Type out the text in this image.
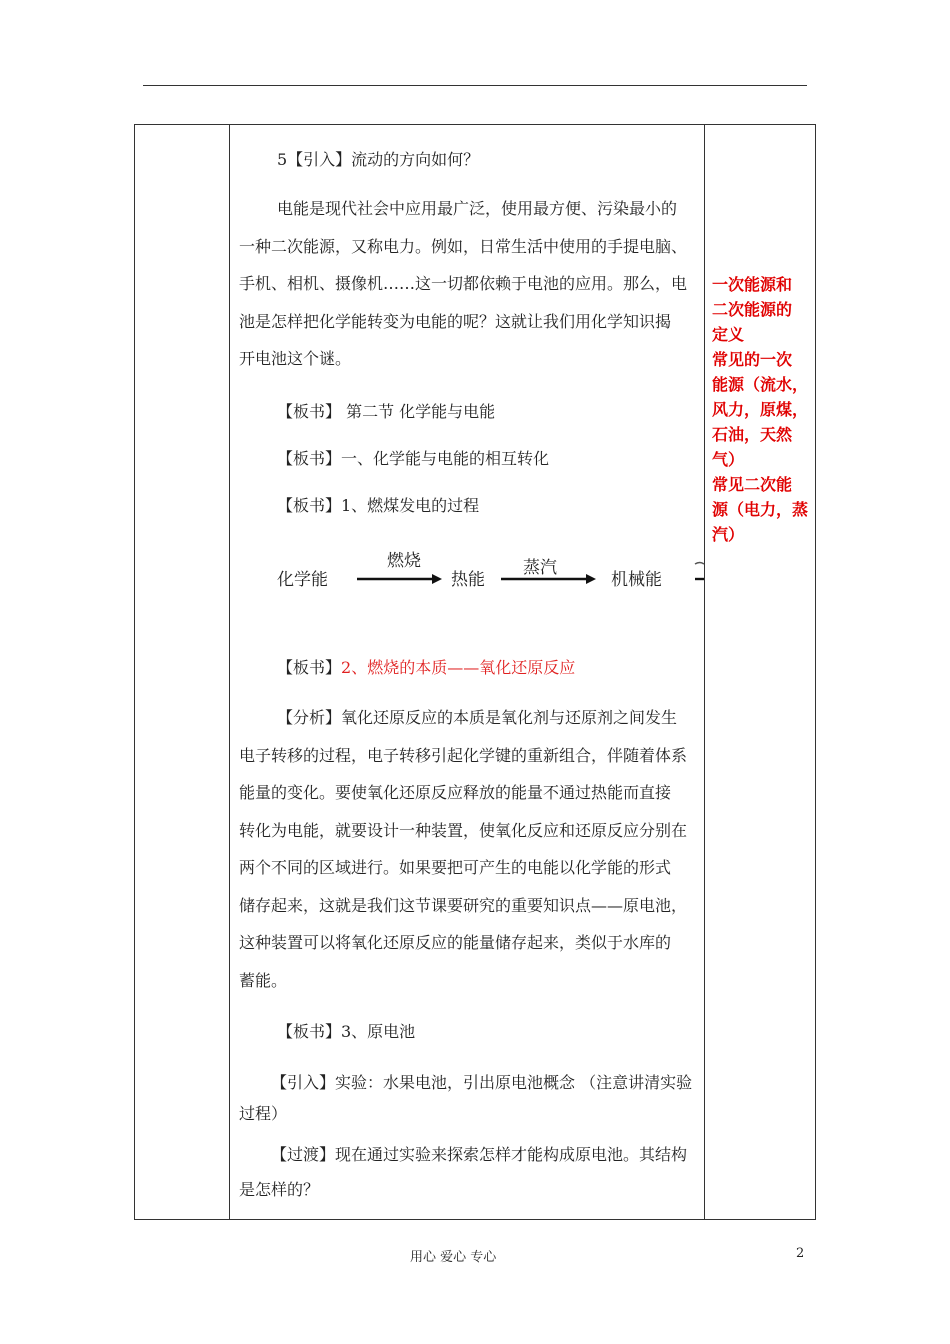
5【引入】流动的方向如何？
电能是现代社会中应用最广泛，使用最方便、污染最小的
一种二次能源，又称电力。例如，日常生活中使用的手提电脑、
手机、相机、摄像机……这一切都依赖于电池的应用。那么，电
池是怎样把化学能转变为电能的呢？这就让我们用化学知识揭
开电池这个谜。
【板书】 第二节 化学能与电能
【板书】一、化学能与电能的相互转化
【板书】1、燃煤发电的过程
化学能
燃烧
热能
蒸汽
机械能
【板书】2、燃烧的本质——氧化还原反应
【分析】氧化还原反应的本质是氧化剂与还原剂之间发生
电子转移的过程，电子转移引起化学键的重新组合，伴随着体系
能量的变化。要使氧化还原反应释放的能量不通过热能而直接
转化为电能，就要设计一种装置，使氧化反应和还原反应分别在
两个不同的区域进行。如果要把可产生的电能以化学能的形式
储存起来，这就是我们这节课要研究的重要知识点——原电池，
这种装置可以将氧化还原反应的能量储存起来，类似于水库的
蓄能。
【板书】3、原电池
【引入】实验：水果电池，引出原电池概念 （注意讲清实验
过程）
【过渡】现在通过实验来探索怎样才能构成原电池。其结构
是怎样的？
一次能源和
二次能源的
定义
常见的一次
能源（流水，
风力，原煤，
石油，天然
气）
常见二次能
源（电力，蒸
汽）
用心 爱心 专心	2
